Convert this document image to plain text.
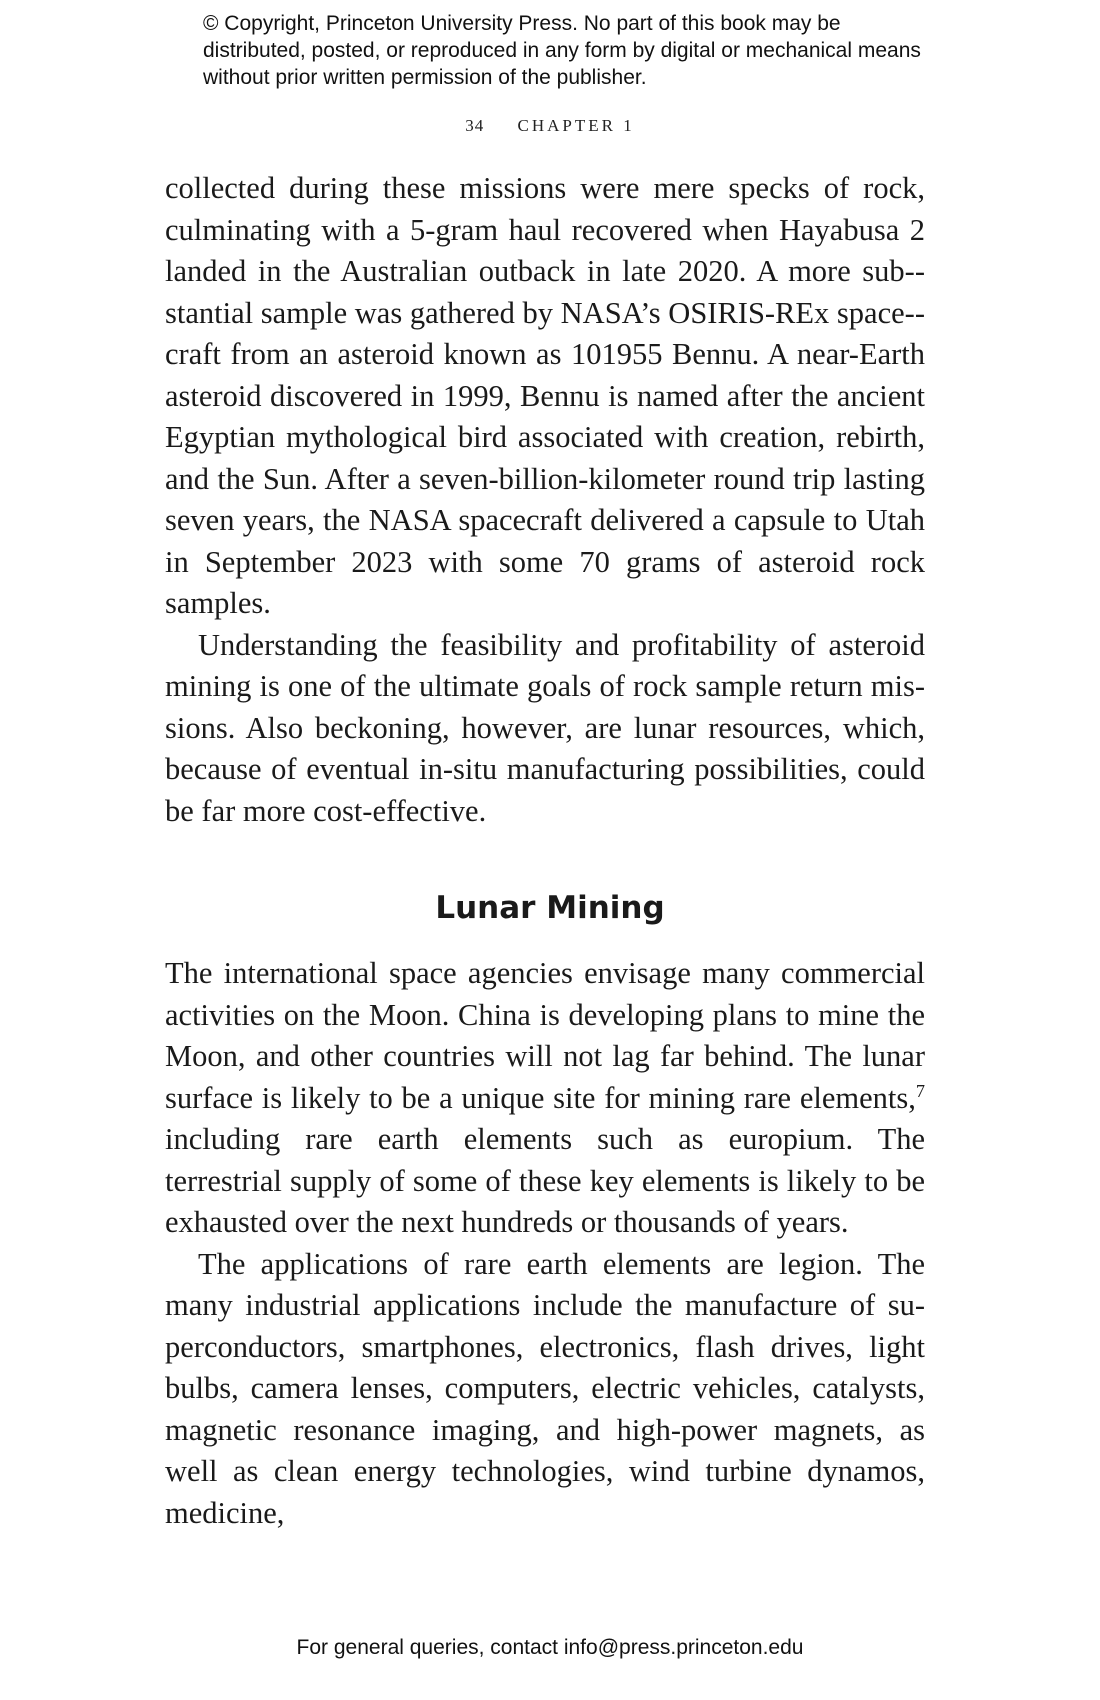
© Copyright, Princeton University Press. No part of this book may be distributed, posted, or reproduced in any form by digital or mechanical means without prior written permission of the publisher.
34 CHAPTER 1

collected during these missions were mere specks of rock, culminating with a 5-gram haul recovered when Hayabusa 2 landed in the Australian outback in late 2020. A more sub-stantial sample was gathered by NASA’s OSIRIS-REx space-craft from an asteroid known as 101955 Bennu. A near-Earth asteroid discovered in 1999, Bennu is named after the ancient Egyptian mythological bird associated with creation, rebirth, and the Sun. After a seven-billion-kilometer round trip lasting seven years, the NASA spacecraft delivered a capsule to Utah in September 2023 with some 70 grams of asteroid rock samples.

Understanding the feasibility and profitability of asteroid mining is one of the ultimate goals of rock sample return missions. Also beckoning, however, are lunar resources, which, because of eventual in-situ manufacturing possibilities, could be far more cost-effective.

Lunar Mining

The international space agencies envisage many commercial activities on the Moon. China is developing plans to mine the Moon, and other countries will not lag far behind. The lunar surface is likely to be a unique site for mining rare elements,$^7$ including rare earth elements such as europium. The terrestrial supply of some of these key elements is likely to be exhausted over the next hundreds or thousands of years.

The applications of rare earth elements are legion. The many industrial applications include the manufacture of superconductors, smartphones, electronics, flash drives, light bulbs, camera lenses, computers, electric vehicles, catalysts, magnetic resonance imaging, and high-power magnets, as well as clean energy technologies, wind turbine dynamos, medicine,

For general queries, contact info@press.princeton.edu
